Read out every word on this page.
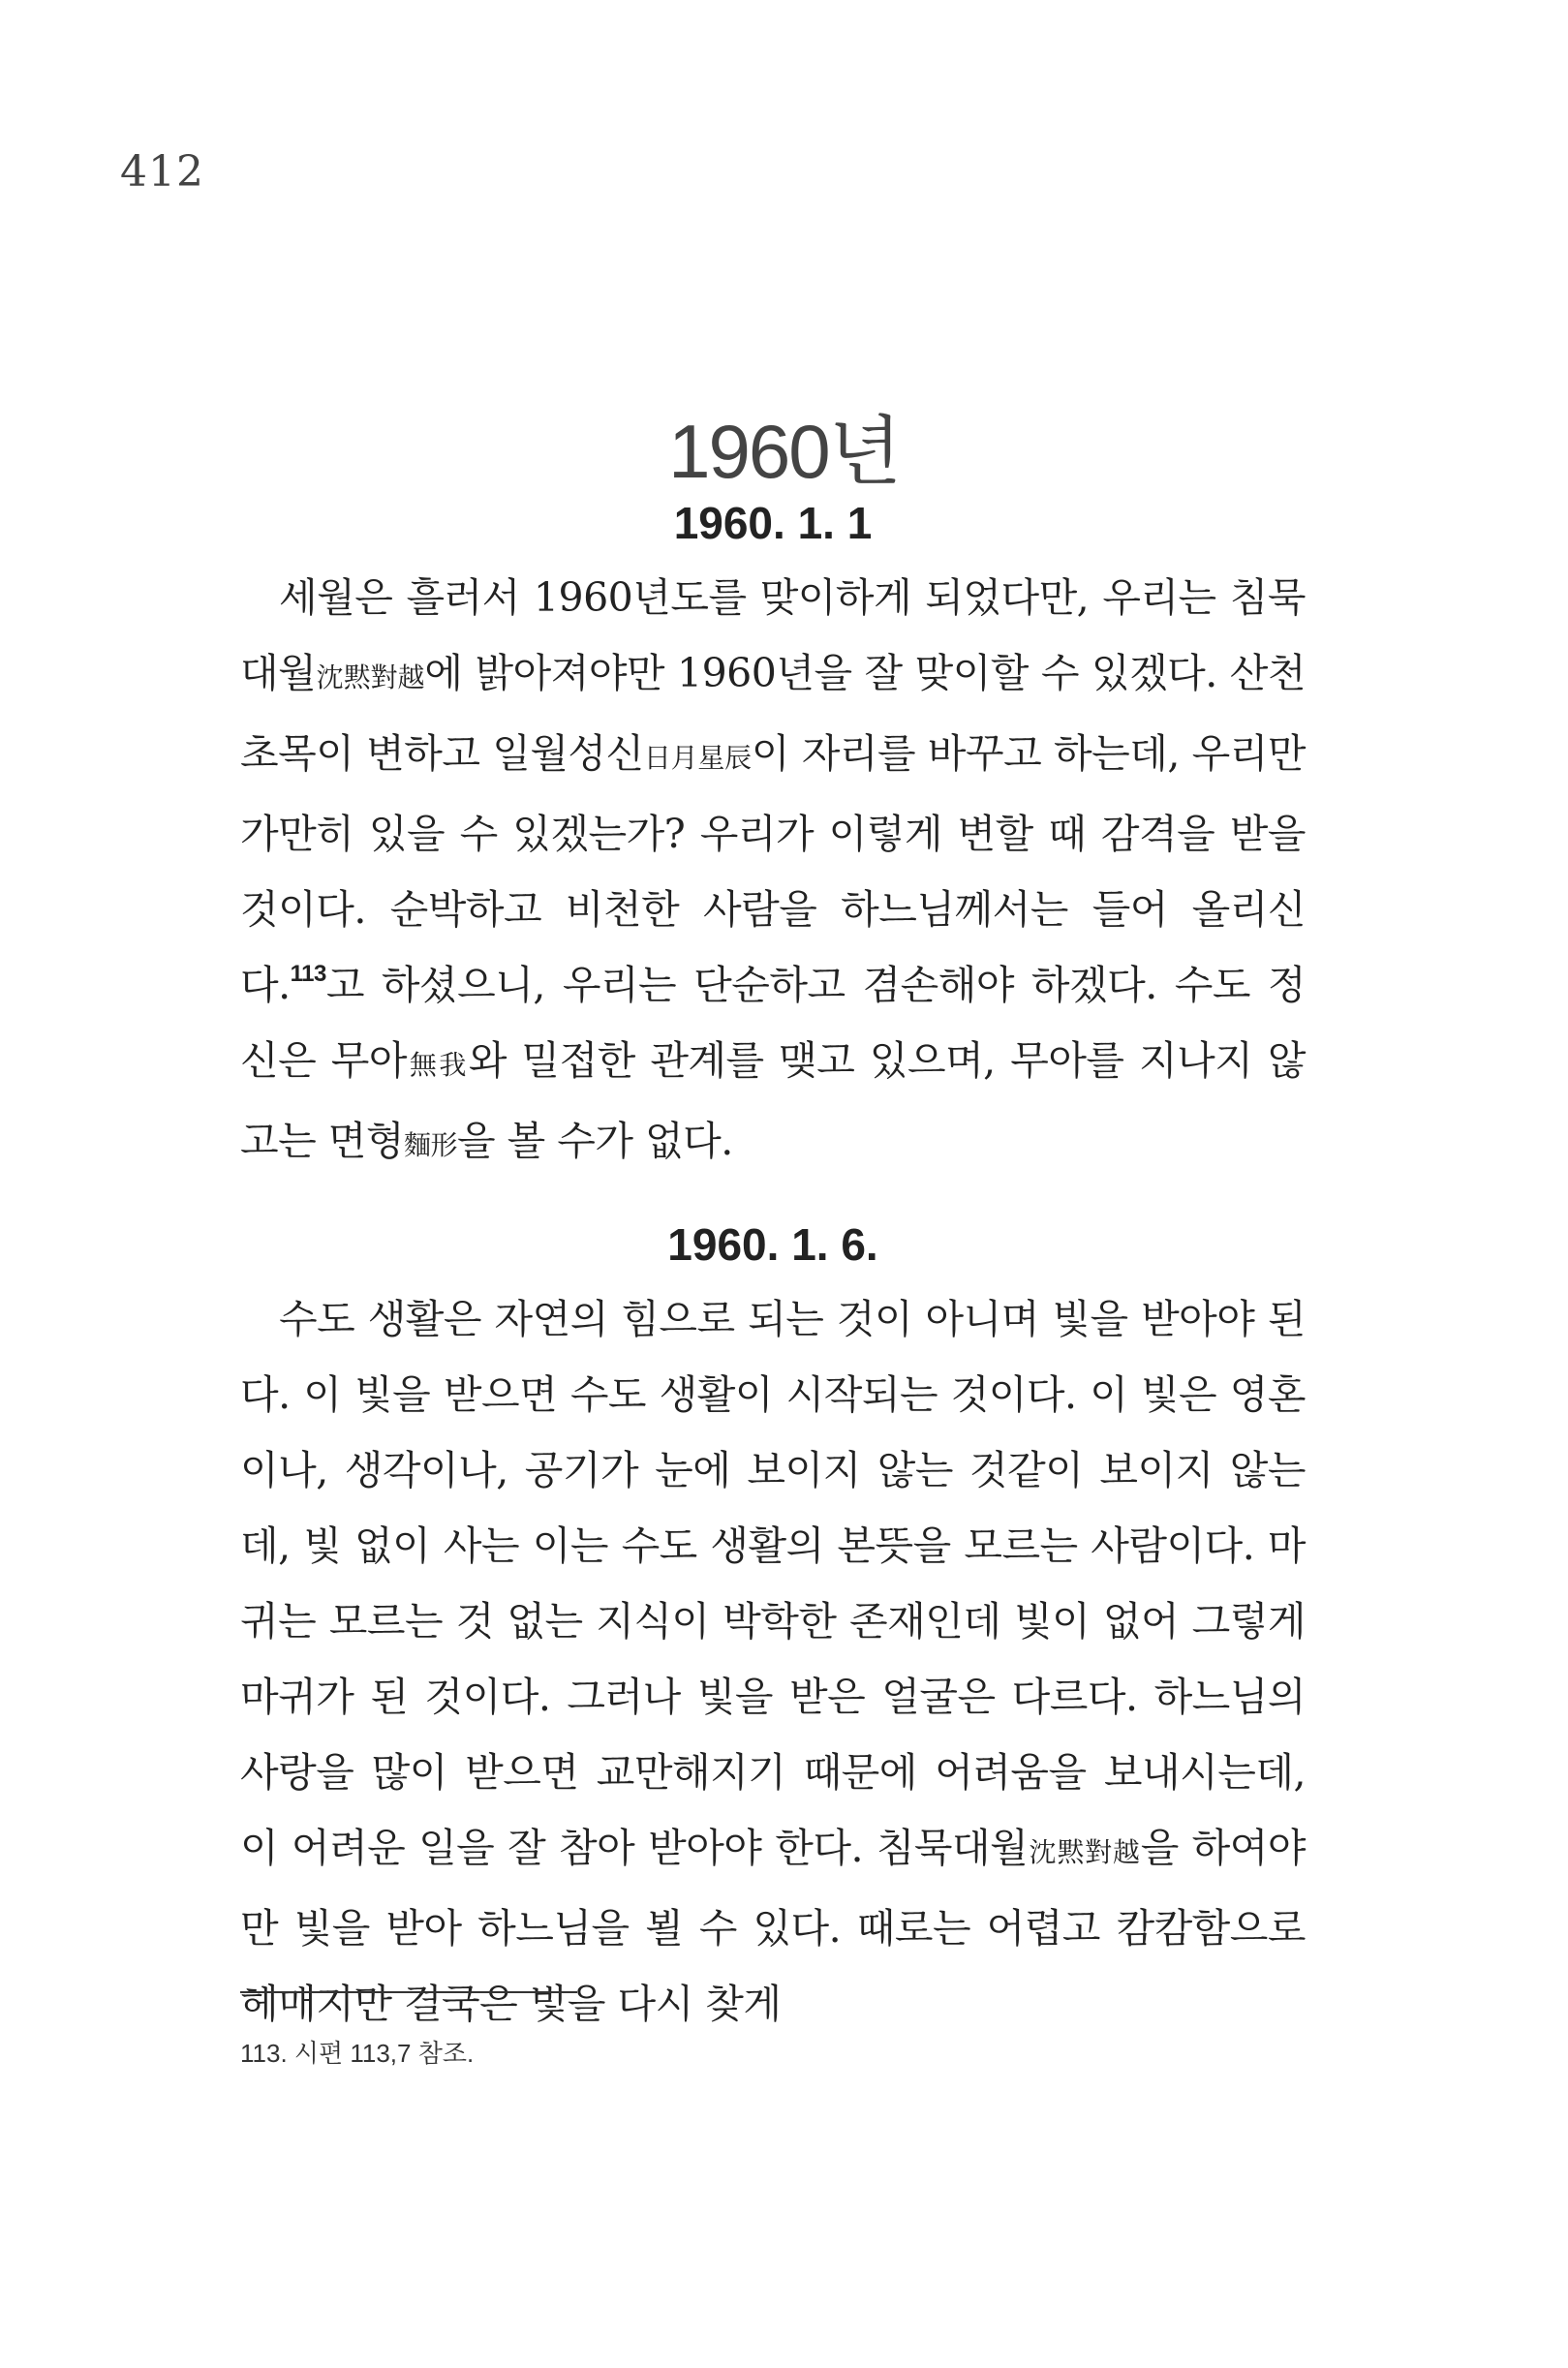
412
1960년
1960. 1. 1

세월은 흘러서 1960년도를 맞이하게 되었다만, 우리는 침묵대월沈黙對越에 밝아져야만 1960년을 잘 맞이할 수 있겠다. 산천초목이 변하고 일월성신日月星辰이 자리를 바꾸고 하는데, 우리만 가만히 있을 수 있겠는가? 우리가 이렇게 변할 때 감격을 받을 것이다. 순박하고 비천한 사람을 하느님께서는 들어 올리신다.$^{113}$고 하셨으니, 우리는 단순하고 겸손해야 하겠다. 수도 정신은 무아無我와 밀접한 관계를 맺고 있으며, 무아를 지나지 않고는 면형麵形을 볼 수가 없다.

1960. 1. 6.

수도 생활은 자연의 힘으로 되는 것이 아니며 빛을 받아야 된다. 이 빛을 받으면 수도 생활이 시작되는 것이다. 이 빛은 영혼이나, 생각이나, 공기가 눈에 보이지 않는 것같이 보이지 않는데, 빛 없이 사는 이는 수도 생활의 본뜻을 모르는 사람이다. 마귀는 모르는 것 없는 지식이 박학한 존재인데 빛이 없어 그렇게 마귀가 된 것이다. 그러나 빛을 받은 얼굴은 다르다. 하느님의 사랑을 많이 받으면 교만해지기 때문에 어려움을 보내시는데, 이 어려운 일을 잘 참아 받아야 한다. 침묵대월沈黙對越을 하여야만 빛을 받아 하느님을 뵐 수 있다. 때로는 어렵고 캄캄함으로 헤매지만 결국은 빛을 다시 찾게

113. 시편 113,7 참조.
